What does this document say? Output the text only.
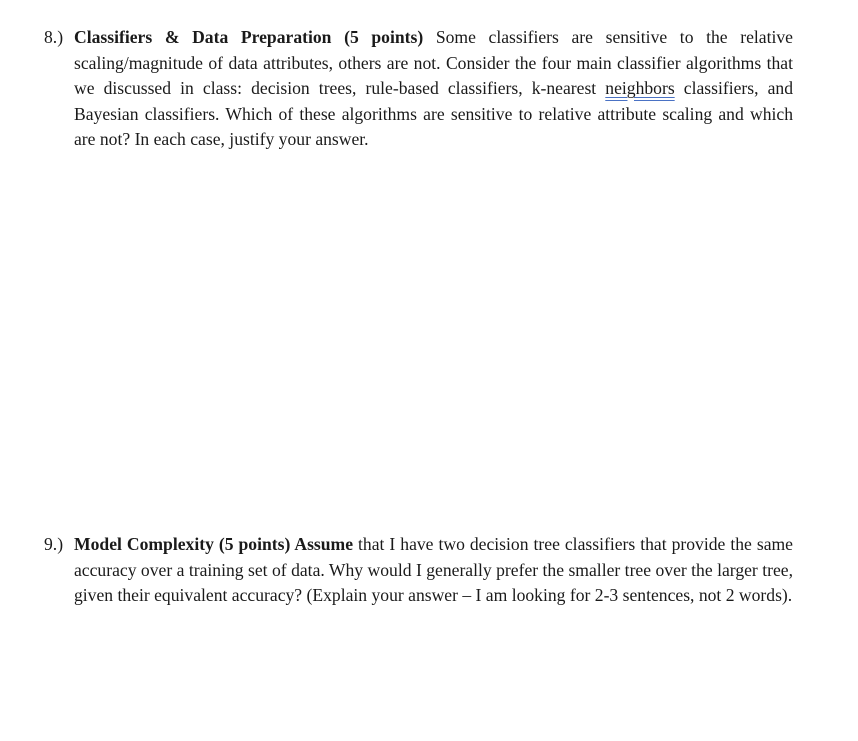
8.) Classifiers & Data Preparation (5 points) Some classifiers are sensitive to the relative scaling/magnitude of data attributes, others are not. Consider the four main classifier algorithms that we discussed in class: decision trees, rule-based classifiers, k-nearest neighbors classifiers, and Bayesian classifiers. Which of these algorithms are sensitive to relative attribute scaling and which are not? In each case, justify your answer.
9.) Model Complexity (5 points) Assume that I have two decision tree classifiers that provide the same accuracy over a training set of data. Why would I generally prefer the smaller tree over the larger tree, given their equivalent accuracy? (Explain your answer – I am looking for 2-3 sentences, not 2 words).
